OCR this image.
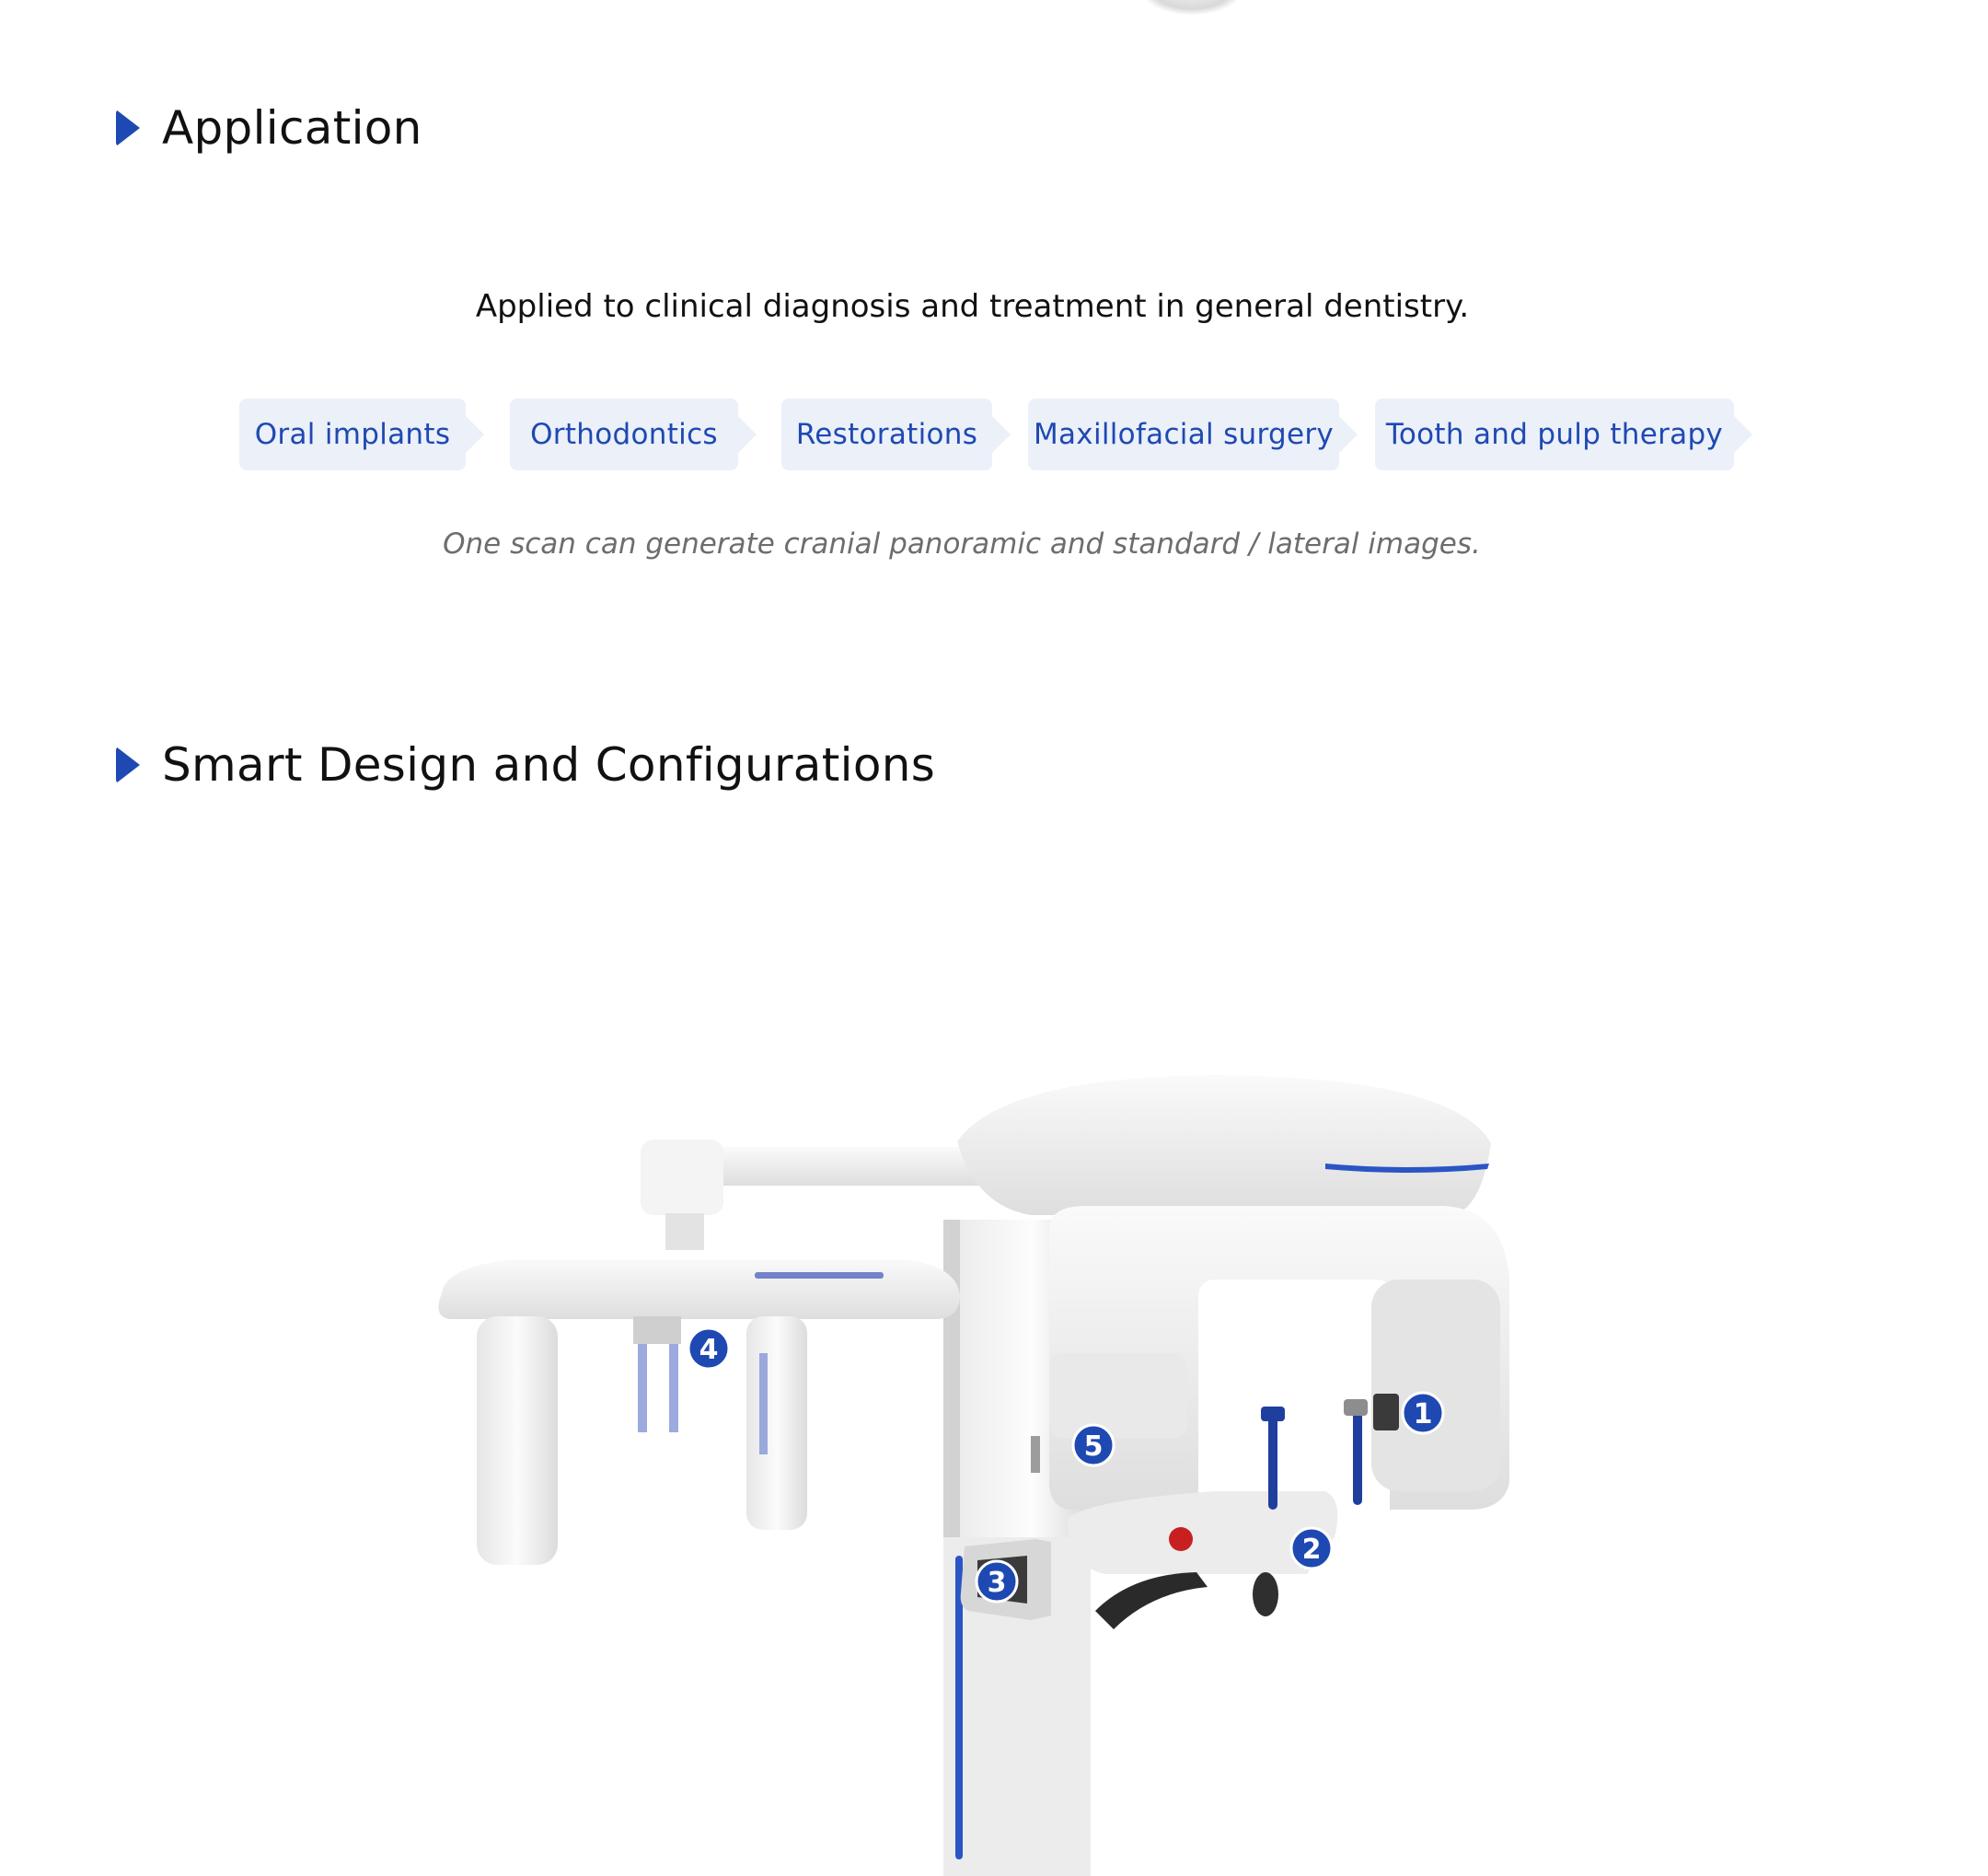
Application
Applied to clinical diagnosis and treatment in general dentistry.
Oral implants	Orthodontics	Restorations	Maxillofacial surgery	Tooth and pulp therapy
One scan can generate cranial panoramic and standard / lateral images.
Smart Design and Configurations
1
2
3
4
5
